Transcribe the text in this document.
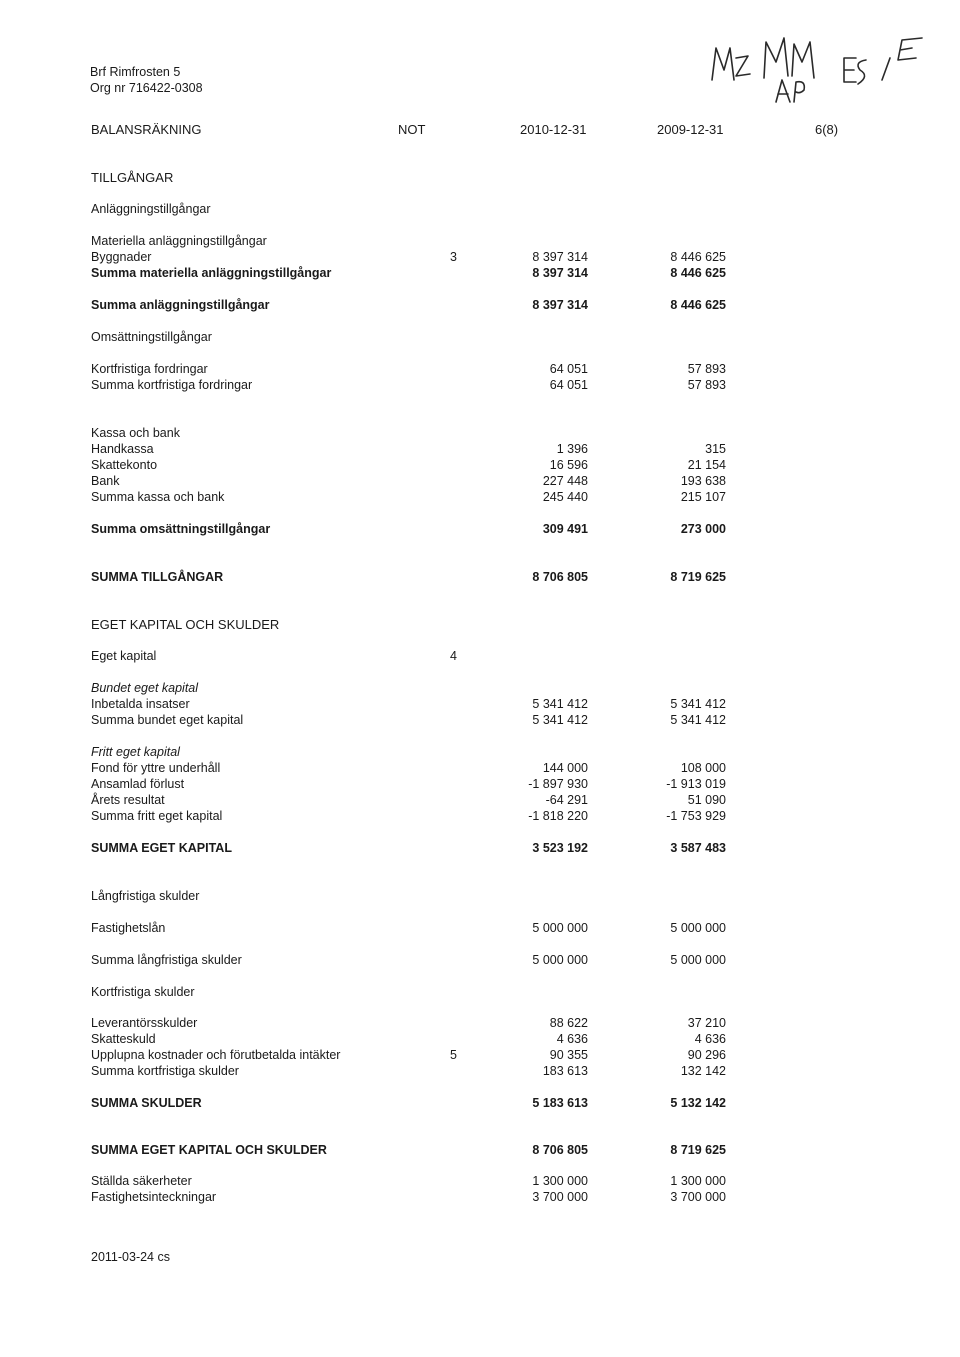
Brf Rimfrosten 5
Org nr 716422-0308
BALANSRÄKNING	NOT	2010-12-31	2009-12-31	6(8)
TILLGÅNGAR
Anläggningstillgångar
Materiella anläggningstillgångar
Byggnader	3	8 397 314	8 446 625
Summa materiella anläggningstillgångar	8 397 314	8 446 625
Summa anläggningstillgångar	8 397 314	8 446 625
Omsättningstillgångar
Kortfristiga fordringar	64 051	57 893
Summa kortfristiga fordringar	64 051	57 893
Kassa och bank
Handkassa	1 396	315
Skattekonto	16 596	21 154
Bank	227 448	193 638
Summa kassa och bank	245 440	215 107
Summa omsättningstillgångar	309 491	273 000
SUMMA TILLGÅNGAR	8 706 805	8 719 625
EGET KAPITAL OCH SKULDER
Eget kapital	4
Bundet eget kapital
Inbetalda insatser	5 341 412	5 341 412
Summa bundet eget kapital	5 341 412	5 341 412
Fritt eget kapital
Fond för yttre underhåll	144 000	108 000
Ansamlad förlust	-1 897 930	-1 913 019
Årets resultat	-64 291	51 090
Summa fritt eget kapital	-1 818 220	-1 753 929
SUMMA EGET KAPITAL	3 523 192	3 587 483
Långfristiga skulder
Fastighetslån	5 000 000	5 000 000
Summa långfristiga skulder	5 000 000	5 000 000
Kortfristiga skulder
Leverantörsskulder	88 622	37 210
Skatteskuld	4 636	4 636
Upplupna kostnader och förutbetalda intäkter	5	90 355	90 296
Summa kortfristiga skulder	183 613	132 142
SUMMA SKULDER	5 183 613	5 132 142
SUMMA EGET KAPITAL OCH SKULDER	8 706 805	8 719 625
Ställda säkerheter	1 300 000	1 300 000
Fastighetsinteckningar	3 700 000	3 700 000
2011-03-24 cs
